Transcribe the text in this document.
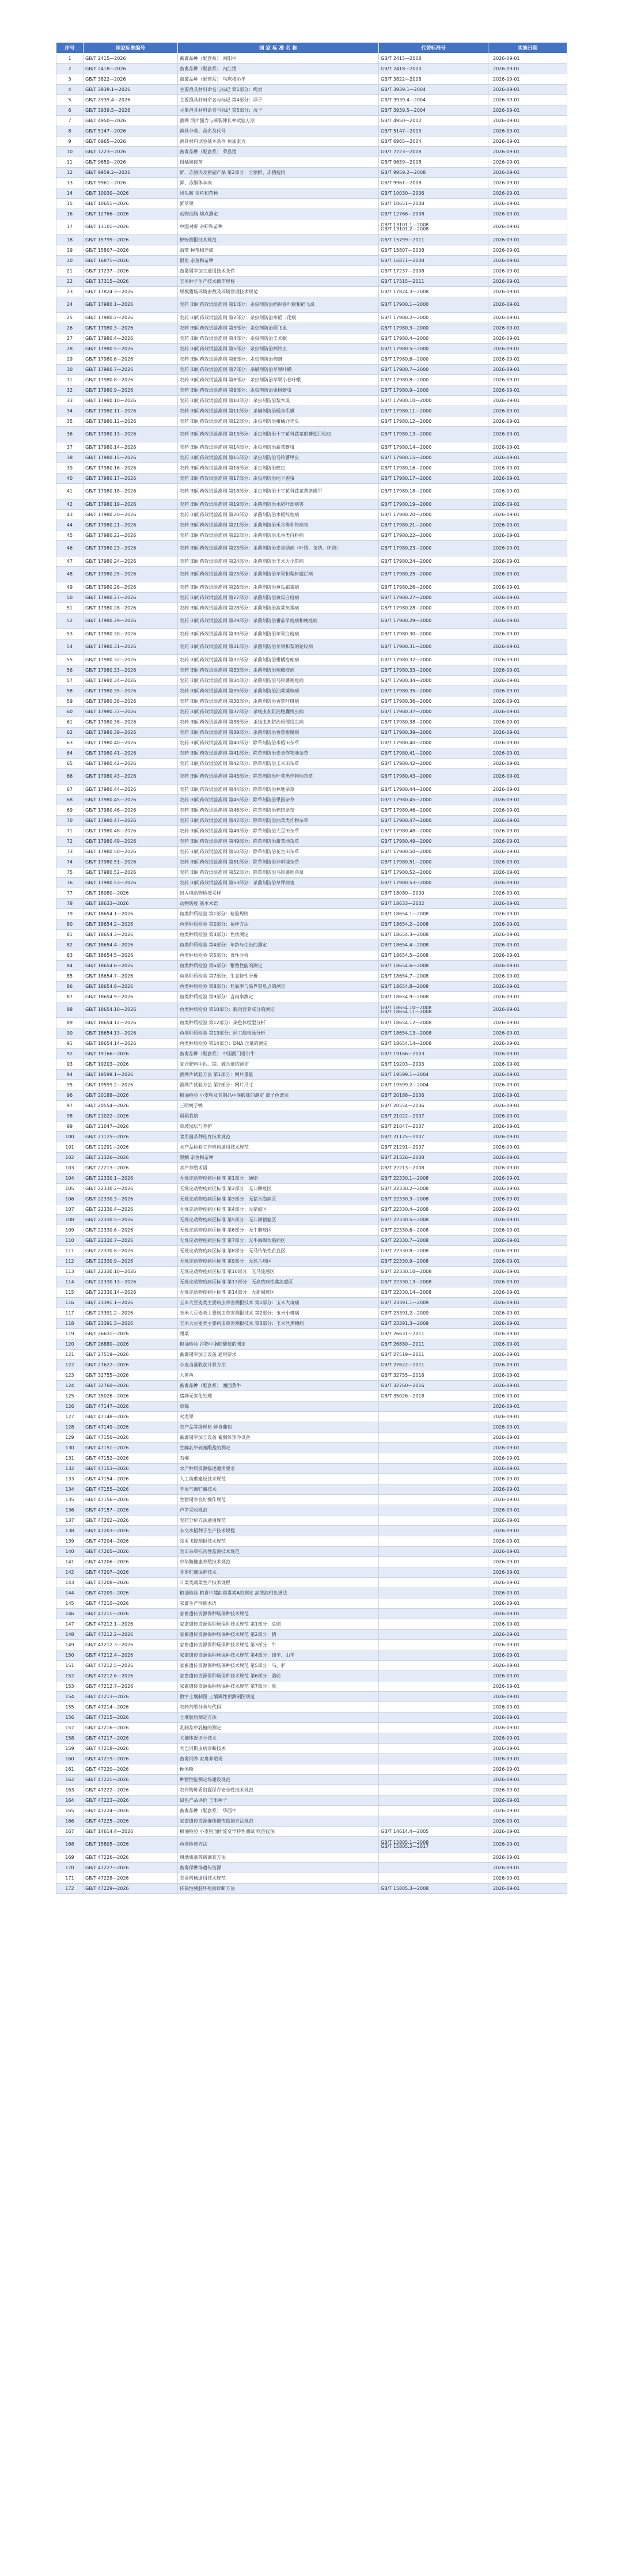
序号	国家标准编号	国 家 标 准 名 称	代替标准号	实施日期
1	GB/T 2415—2026	畜禽品种（配套系） 南阳牛	GB/T 2415—2008	2026-09-01
2	GB/T 2418—2026	畜禽品种（配套系） 内江猪	GB/T 2418—2003	2026-09-01
3	GB/T 3822—2026	畜禽品种（配套系） 乌珠穆沁羊	GB/T 3822—2008	2026-09-01
4	GB/T 3939.1—2026	主要渔具材料命名与标记 第1部分：绳索	GB/T 3939.1—2004	2026-09-01
5	GB/T 3939.4—2026	主要渔具材料命名与标记 第4部分：浮子	GB/T 3939.4—2004	2026-09-01
6	GB/T 3939.5—2026	主要渔具材料命名与标记 第5部分：沉子	GB/T 3939.5—2004	2026-09-01
7	GB/T 4950—2026	渔网 网片强力与断裂伸长率试验方法	GB/T 4950—2002	2026-09-01
8	GB/T 5147—2026	渔具分类、命名及代号	GB/T 5147—2003	2026-09-01
9	GB/T 6965—2026	渔具材料试验基本条件 预加张力	GB/T 6965—2004	2026-09-01
10	GB/T 7223—2026	畜禽品种（配套系） 荣昌猪	GB/T 7223—2008	2026-09-01
11	GB/T 9659—2026	柑橘嫁接苗	GB/T 9659—2008	2026-09-01
12	GB/T 9959.2—2026	鲜、冻猪肉及猪副产品 第2部分：分割鲜、冻猪瘦肉	GB/T 9959.2—2008	2026-09-01
13	GB/T 9961—2026	鲜、冻胴体羊肉	GB/T 9961—2008	2026-09-01
14	GB/T 10030—2026	团头鲂 亲鱼和苗种	GB/T 10030—2006	2026-09-01
15	GB/T 10651—2026	鲜苹果	GB/T 10651—2008	2026-09-01
16	GB/T 12766—2026	动物油脂 熔点测定	GB/T 12766—2008	2026-09-01
17	GB/T 13101—2026	中国对虾 亲虾和苗种	GB/T 13101.1—2008
GB/T 13101.2—2008	2026-09-01
18	GB/T 15799—2026	棉蚜测报技术规范	GB/T 15799—2011	2026-09-01
19	GB/T 15807—2026	海带 种苗和养成	GB/T 15807—2008	2026-09-01
20	GB/T 16871—2026	银鱼 亲鱼和苗种	GB/T 16871—2008	2026-09-01
21	GB/T 17237—2026	畜禽屠宰加工通用技术条件	GB/T 17237—2008	2026-09-01
22	GB/T 17315—2026	玉米种子生产技术操作规程	GB/T 17315—2011	2026-09-01
23	GB/T 17824.3—2026	规模猪场环境参数及环境管理技术规范	GB/T 17824.3—2008	2026-09-01
24	GB/T 17980.1—2026	农药 田间药效试验准则 第1部分：杀虫剂防治稻纵卷叶螟和稻飞虱	GB/T 17980.1—2000	2026-09-01
25	GB/T 17980.2—2026	农药 田间药效试验准则 第2部分：杀虫剂防治水稻二化螟	GB/T 17980.2—2000	2026-09-01
26	GB/T 17980.3—2026	农药 田间药效试验准则 第3部分：杀虫剂防治稻飞虱	GB/T 17980.3—2000	2026-09-01
27	GB/T 17980.4—2026	农药 田间药效试验准则 第4部分：杀虫剂防治玉米螟	GB/T 17980.4—2000	2026-09-01
28	GB/T 17980.5—2026	农药 田间药效试验准则 第5部分：杀虫剂防治棉铃虫	GB/T 17980.5—2000	2026-09-01
29	GB/T 17980.6—2026	农药 田间药效试验准则 第6部分：杀虫剂防治棉蚜	GB/T 17980.6—2000	2026-09-01
30	GB/T 17980.7—2026	农药 田间药效试验准则 第7部分：杀螨剂防治苹果叶螨	GB/T 17980.7—2000	2026-09-01
31	GB/T 17980.8—2026	农药 田间药效试验准则 第8部分：杀虫剂防治苹果小卷叶蛾	GB/T 17980.8—2000	2026-09-01
32	GB/T 17980.9—2026	农药 田间药效试验准则 第9部分：杀虫剂防治果树蚜虫	GB/T 17980.9—2000	2026-09-01
33	GB/T 17980.10—2026	农药 田间药效试验准则 第10部分：杀虫剂防治梨木虱	GB/T 17980.10—2000	2026-09-01
34	GB/T 17980.11—2026	农药 田间药效试验准则 第11部分：杀螨剂防治橘全爪螨	GB/T 17980.11—2000	2026-09-01
35	GB/T 17980.12—2026	农药 田间药效试验准则 第12部分：杀虫剂防治柑橘介壳虫	GB/T 17980.12—2000	2026-09-01
36	GB/T 17980.13—2026	农药 田间药效试验准则 第13部分：杀虫剂防治十字花科蔬菜的鳞翅目幼虫	GB/T 17980.13—2000	2026-09-01
37	GB/T 17980.14—2026	农药 田间药效试验准则 第14部分：杀虫剂防治蔬菜蚜虫	GB/T 17980.14—2000	2026-09-01
38	GB/T 17980.15—2026	农药 田间药效试验准则 第15部分：杀虫剂防治马铃薯甲虫	GB/T 17980.15—2000	2026-09-01
39	GB/T 17980.16—2026	农药 田间药效试验准则 第16部分：杀虫剂防治蝗虫	GB/T 17980.16—2000	2026-09-01
40	GB/T 17980.17—2026	农药 田间药效试验准则 第17部分：杀虫剂防治地下害虫	GB/T 17980.17—2000	2026-09-01
41	GB/T 17980.18—2026	农药 田间药效试验准则 第18部分：杀虫剂防治十字花科蔬菜黄条跳甲	GB/T 17980.18—2000	2026-09-01
42	GB/T 17980.19—2026	农药 田间药效试验准则 第19部分：杀菌剂防治水稻叶部病害	GB/T 17980.19—2000	2026-09-01
43	GB/T 17980.20—2026	农药 田间药效试验准则 第20部分：杀菌剂防治水稻纹枯病	GB/T 17980.20—2000	2026-09-01
44	GB/T 17980.21—2026	农药 田间药效试验准则 第21部分：杀菌剂防治禾谷类种传病害	GB/T 17980.21—2000	2026-09-01
45	GB/T 17980.22—2026	农药 田间药效试验准则 第22部分：杀菌剂防治禾谷类白粉病	GB/T 17980.22—2000	2026-09-01
46	GB/T 17980.23—2026	农药 田间药效试验准则 第23部分：杀菌剂防治麦类锈病（叶锈、条锈、秆锈）	GB/T 17980.23—2000	2026-09-01
47	GB/T 17980.24—2026	农药 田间药效试验准则 第24部分：杀菌剂防治玉米大小斑病	GB/T 17980.24—2000	2026-09-01
48	GB/T 17980.25—2026	农药 田间药效试验准则 第25部分：杀菌剂防治苹果和梨树腐烂病	GB/T 17980.25—2000	2026-09-01
49	GB/T 17980.26—2026	农药 田间药效试验准则 第26部分：杀菌剂防治黄瓜霜霉病	GB/T 17980.26—2000	2026-09-01
50	GB/T 17980.27—2026	农药 田间药效试验准则 第27部分：杀菌剂防治黄瓜白粉病	GB/T 17980.27—2000	2026-09-01
51	GB/T 17980.28—2026	农药 田间药效试验准则 第28部分：杀菌剂防治蔬菜灰霉病	GB/T 17980.28—2000	2026-09-01
52	GB/T 17980.29—2026	农药 田间药效试验准则 第29部分：杀菌剂防治番茄早疫病和晚疫病	GB/T 17980.29—2000	2026-09-01
53	GB/T 17980.30—2026	农药 田间药效试验准则 第30部分：杀菌剂防治苹果白粉病	GB/T 17980.30—2000	2026-09-01
54	GB/T 17980.31—2026	农药 田间药效试验准则 第31部分：杀菌剂防治苹果和梨的轮纹病	GB/T 17980.31—2000	2026-09-01
55	GB/T 17980.32—2026	农药 田间药效试验准则 第32部分：杀菌剂防治柑橘疮痂病	GB/T 17980.32—2000	2026-09-01
56	GB/T 17980.33—2026	农药 田间药效试验准则 第33部分：杀菌剂防治辣椒疫病	GB/T 17980.33—2000	2026-09-01
57	GB/T 17980.34—2026	农药 田间药效试验准则 第34部分：杀菌剂防治马铃薯晚疫病	GB/T 17980.34—2000	2026-09-01
58	GB/T 17980.35—2026	农药 田间药效试验准则 第35部分：杀菌剂防治油菜菌核病	GB/T 17980.35—2000	2026-09-01
59	GB/T 17980.36—2026	农药 田间药效试验准则 第36部分：杀菌剂防治香蕉叶斑病	GB/T 17980.36—2000	2026-09-01
60	GB/T 17980.37—2026	农药 田间药效试验准则 第37部分：杀线虫剂防治胞囊线虫病	GB/T 17980.37—2000	2026-09-01
61	GB/T 17980.38—2026	农药 田间药效试验准则 第38部分：杀线虫剂防治根部线虫病	GB/T 17980.38—2000	2026-09-01
62	GB/T 17980.39—2026	农药 田间药效试验准则 第39部分：杀菌剂防治香蕉根腐病	GB/T 17980.39—2000	2026-09-01
63	GB/T 17980.40—2026	农药 田间药效试验准则 第40部分：除草剂防治水稻田杂草	GB/T 17980.40—2000	2026-09-01
64	GB/T 17980.41—2026	农药 田间药效试验准则 第41部分：除草剂防治麦类作物地杂草	GB/T 17980.41—2000	2026-09-01
65	GB/T 17980.42—2026	农药 田间药效试验准则 第42部分：除草剂防治玉米田杂草	GB/T 17980.42—2000	2026-09-01
66	GB/T 17980.43—2026	农药 田间药效试验准则 第43部分：除草剂防治叶菜类作物地杂草	GB/T 17980.43—2000	2026-09-01
67	GB/T 17980.44—2026	农药 田间药效试验准则 第44部分：除草剂防治林地杂草	GB/T 17980.44—2000	2026-09-01
68	GB/T 17980.45—2026	农药 田间药效试验准则 第45部分：除草剂防治果园杂草	GB/T 17980.45—2000	2026-09-01
69	GB/T 17980.46—2026	农药 田间药效试验准则 第46部分：除草剂防治棉田杂草	GB/T 17980.46—2000	2026-09-01
70	GB/T 17980.47—2026	农药 田间药效试验准则 第47部分：除草剂防治油菜类作物杂草	GB/T 17980.47—2000	2026-09-01
71	GB/T 17980.48—2026	农药 田间药效试验准则 第48部分：除草剂防治大豆田杂草	GB/T 17980.48—2000	2026-09-01
72	GB/T 17980.49—2026	农药 田间药效试验准则 第49部分：除草剂防治甜菜地杂草	GB/T 17980.49—2000	2026-09-01
73	GB/T 17980.50—2026	农药 田间药效试验准则 第50部分：除草剂防治花生田杂草	GB/T 17980.50—2000	2026-09-01
74	GB/T 17980.51—2026	农药 田间药效试验准则 第51部分：除草剂防治非耕地杂草	GB/T 17980.51—2000	2026-09-01
75	GB/T 17980.52—2026	农药 田间药效试验准则 第52部分：除草剂防治马铃薯地杂草	GB/T 17980.52—2000	2026-09-01
76	GB/T 17980.53—2026	农药 田间药效试验准则 第53部分：杀菌剂防治草坪病害	GB/T 17980.53—2000	2026-09-01
77	GB/T 18080—2026	出入境动物检疫采样	GB/T 18080—2000	2026-09-01
78	GB/T 18633—2026	动物防疫 基本术语	GB/T 18633—2002	2026-09-01
79	GB/T 18654.1—2026	鱼类种质检验 第1部分：检验规则	GB/T 18654.1—2008	2026-09-01
80	GB/T 18654.2—2026	鱼类种质检验 第2部分：抽样方法	GB/T 18654.2—2008	2026-09-01
81	GB/T 18654.3—2026	鱼类种质检验 第3部分：性状测定	GB/T 18654.3—2008	2026-09-01
82	GB/T 18654.4—2026	鱼类种质检验 第4部分：年龄与生长的测定	GB/T 18654.4—2008	2026-09-01
83	GB/T 18654.5—2026	鱼类种质检验 第5部分：食性分析	GB/T 18654.5—2008	2026-09-01
84	GB/T 18654.6—2026	鱼类种质检验 第6部分：繁殖性能的测定	GB/T 18654.6—2008	2026-09-01
85	GB/T 18654.7—2026	鱼类种质检验 第7部分：生态特性分析	GB/T 18654.7—2008	2026-09-01
86	GB/T 18654.8—2026	鱼类种质检验 第8部分：耗氧率与临界窒息点的测定	GB/T 18654.8—2008	2026-09-01
87	GB/T 18654.9—2026	鱼类种质检验 第9部分：含肉率测定	GB/T 18654.9—2008	2026-09-01
88	GB/T 18654.10—2026	鱼类种质检验 第10部分：肌肉营养成分的测定	GB/T 18654.10—2008
GB/T 18654.11—2008	2026-09-01
89	GB/T 18654.12—2026	鱼类种质检验 第12部分：染色体组型分析	GB/T 18654.12—2008	2026-09-01
90	GB/T 18654.13—2026	鱼类种质检验 第13部分：同工酶电泳分析	GB/T 18654.13—2008	2026-09-01
91	GB/T 18654.14—2026	鱼类种质检验 第14部分：DNA 含量的测定	GB/T 18654.14—2008	2026-09-01
92	GB/T 19166—2026	畜禽品种（配套系） 中国西门塔尔牛	GB/T 19166—2003	2026-09-01
93	GB/T 19203—2026	复合肥料中钙、镁、硫含量的测定	GB/T 19203—2003	2026-09-01
94	GB/T 19599.1—2026	渔网片试验方法 第1部分：网片重量	GB/T 19599.1—2004	2026-09-01
95	GB/T 19599.2—2026	渔网片试验方法 第2部分：网片尺寸	GB/T 19599.2—2004	2026-09-01
96	GB/T 20188—2026	粮油检验 小麦粉及其制品中溴酸盐的测定 离子色谱法	GB/T 20188—2006	2026-09-01
97	GB/T 20554—2026	三明鸭子鸭	GB/T 20554—2006	2026-09-01
98	GB/T 21022—2026	晨稻栽培	GB/T 21022—2007	2026-09-01
99	GB/T 21047—2026	草坡园坛与养护	GB/T 21047—2007	2026-09-01
100	GB/T 21125—2026	食用菌品种选育技术规范	GB/T 21125—2007	2026-09-01
101	GB/T 21291—2026	水产品检验工作机构通用技术规范	GB/T 21291—2007	2026-09-01
102	GB/T 21326—2026	黑鲷 亲鱼和苗种	GB/T 21326—2008	2026-09-01
103	GB/T 22213—2026	水产养殖术语	GB/T 22213—2008	2026-09-01
104	GB/T 22330.1—2026	无规定动物疫病区标准 第1部分：通则	GB/T 22330.1—2008	2026-09-01
105	GB/T 22330.2—2026	无规定动物疫病区标准 第2部分：无口蹄疫区	GB/T 22330.2—2008	2026-09-01
106	GB/T 22330.3—2026	无规定动物疫病区标准 第3部分：无猪水泡病区	GB/T 22330.3—2008	2026-09-01
107	GB/T 22330.4—2026	无规定动物疫病区标准 第4部分：无猪瘟区	GB/T 22330.4—2008	2026-09-01
108	GB/T 22330.5—2026	无规定动物疫病区标准 第5部分：无非洲猪瘟区	GB/T 22330.5—2008	2026-09-01
109	GB/T 22330.6—2026	无规定动物疫病区标准 第6部分：无牛肺疫区	GB/T 22330.6—2008	2026-09-01
110	GB/T 22330.7—2026	无规定动物疫病区标准 第7部分：无牛海绵状脑病区	GB/T 22330.7—2008	2026-09-01
111	GB/T 22330.8—2026	无规定动物疫病区标准 第8部分：无马传染性贫血区	GB/T 22330.8—2008	2026-09-01
112	GB/T 22330.9—2026	无规定动物疫病区标准 第9部分：无蓝舌病区	GB/T 22330.9—2008	2026-09-01
113	GB/T 22330.10—2026	无规定动物疫病区标准 第10部分：无马流感区	GB/T 22330.10—2008	2026-09-01
114	GB/T 22330.13—2026	无规定动物疫病区标准 第13部分：无高致病性禽流感区	GB/T 22330.13—2008	2026-09-01
115	GB/T 22330.14—2026	无规定动物疫病区标准 第14部分：无新城疫区	GB/T 22330.14—2008	2026-09-01
116	GB/T 23391.1—2026	玉米大豆麦类主要病虫草害测报技术 第1部分：玉米大斑病	GB/T 23391.1—2009	2026-09-01
117	GB/T 23391.2—2026	玉米大豆麦类主要病虫草害测报技术 第2部分：玉米小斑病	GB/T 23391.2—2009	2026-09-01
118	GB/T 23391.3—2026	玉米大豆麦类主要病虫草害测报技术 第3部分：玉米丝黑穗病	GB/T 23391.3—2009	2026-09-01
119	GB/T 26631—2026	甜菜	GB/T 26631—2011	2026-09-01
120	GB/T 26880—2026	粮油检验 谷物中脂肪酸值的测定	GB/T 26880—2011	2026-09-01
121	GB/T 27519—2026	畜禽屠宰加工设备 通用要求	GB/T 27519—2011	2026-09-01
122	GB/T 27622—2026	小麦当量收获计算方法	GB/T 27622—2011	2026-09-01
123	GB/T 32755—2026	大黄鱼	GB/T 32755—2016	2026-09-01
124	GB/T 32760—2026	畜禽品种（配套系） 湘西黄牛	GB/T 32760—2016	2026-09-01
125	GB/T 35026—2026	猪粪无害化处理	GB/T 35026—2018	2026-09-01
126	GB/T 47147—2026	草莓		2026-09-01
127	GB/T 47148—2026	火龙果		2026-09-01
128	GB/T 47149—2026	农产品等级规格 鲜食葡萄		2026-09-01
129	GB/T 47150—2026	畜禽屠宰加工设备 畜胴体预冷设备		2026-09-01
130	GB/T 47151—2026	生鲜乳中硫氰酸盐的测定		2026-09-01
131	GB/T 47152—2026	石榴		2026-09-01
132	GB/T 47153—2026	水产种质资源描述通用要求		2026-09-01
133	GB/T 47154—2026	人工鱼礁建设技术规范		2026-09-01
134	GB/T 47155—2026	苹果气调贮藏技术		2026-09-01
135	GB/T 47156—2026	生猪屠宰良好操作规范		2026-09-01
136	GB/T 47157—2026	芦笋采收规范		2026-09-01
137	GB/T 47202—2026	农药分析方法通用规范		2026-09-01
138	GB/T 47203—2026	杂交水稻种子生产技术规程		2026-09-01
139	GB/T 47204—2026	东亚飞蝗测报技术规范		2026-09-01
140	GB/T 47205—2026	农田杂草抗药性监测技术规范		2026-09-01
141	GB/T 47206—2026	中华鳖健康养殖技术规范		2026-09-01
142	GB/T 47207—2026	冬枣贮藏保鲜技术		2026-09-01
143	GB/T 47208—2026	叶菜类蔬菜生产技术规程		2026-09-01
144	GB/T 47209—2026	粮油检验 粮食中赭曲霉毒素A的测定 高效液相色谱法		2026-09-01
145	GB/T 47210—2026	家禽生产性能术语		2026-09-01
146	GB/T 47211—2026	家畜遗传资源保种场保种技术规范		2026-09-01
147	GB/T 47212.1—2026	家畜遗传资源保种场保种技术规范 第1部分：总则		2026-09-01
148	GB/T 47212.2—2026	家畜遗传资源保种场保种技术规范 第2部分：猪		2026-09-01
149	GB/T 47212.3—2026	家畜遗传资源保种场保种技术规范 第3部分：牛		2026-09-01
150	GB/T 47212.4—2026	家畜遗传资源保种场保种技术规范 第4部分：绵羊、山羊		2026-09-01
151	GB/T 47212.5—2026	家畜遗传资源保种场保种技术规范 第5部分：马、驴		2026-09-01
152	GB/T 47212.6—2026	家畜遗传资源保种场保种技术规范 第6部分：骆驼		2026-09-01
153	GB/T 47212.7—2026	家畜遗传资源保种场保种技术规范 第7部分：兔		2026-09-01
154	GB/T 47213—2026	数字土壤制图 土壤属性预测制图规范		2026-09-01
155	GB/T 47214—2026	农药剂型分类与代码		2026-09-01
156	GB/T 47215—2026	土壤胶质测定方法		2026-09-01
157	GB/T 47216—2026	乳制品中乳糖的测定		2026-09-01
158	GB/T 47217—2026	犬猫体况评分技术		2026-09-01
159	GB/T 47218—2026	犬巴贝斯虫病诊断技术		2026-09-01
160	GB/T 47219—2026	畜禽饲养 家禽养殖场		2026-09-01
161	GB/T 47220—2026	粳米粉		2026-09-01
162	GB/T 47221—2026	种猪性能测定场建设规范		2026-09-01
163	GB/T 47222—2026	农作物种质资源保存安全性技术规范		2026-09-01
164	GB/T 47223—2026	绿色产品评价 玉米种子		2026-09-01
165	GB/T 47224—2026	畜禽品种（配套系） 华西牛		2026-09-01
166	GB/T 47225—2026	家畜遗传资源群体遗传监测方法规范		2026-09-01
167	GB/T 14614.4—2026	粮油检验 小麦粉面团流变学特性测试 吹泡仪法	GB/T 14614.4—2005	2026-09-01
168	GB/T 15805—2026	鱼类检疫方法	GB/T 15805.1—2008
GB/T 15805.2—2017	2026-09-01
169	GB/T 47226—2026	耕地质量等级调查方法		2026-09-01
170	GB/T 47227—2026	畜禽保种场遗传资源		2026-09-01
171	GB/T 47228—2026	农业机械通用技术规范		2026-09-01
172	GB/T 47229—2026	传染性胰脏坏死病诊断方法	GB/T 15805.3—2008	2026-09-01
